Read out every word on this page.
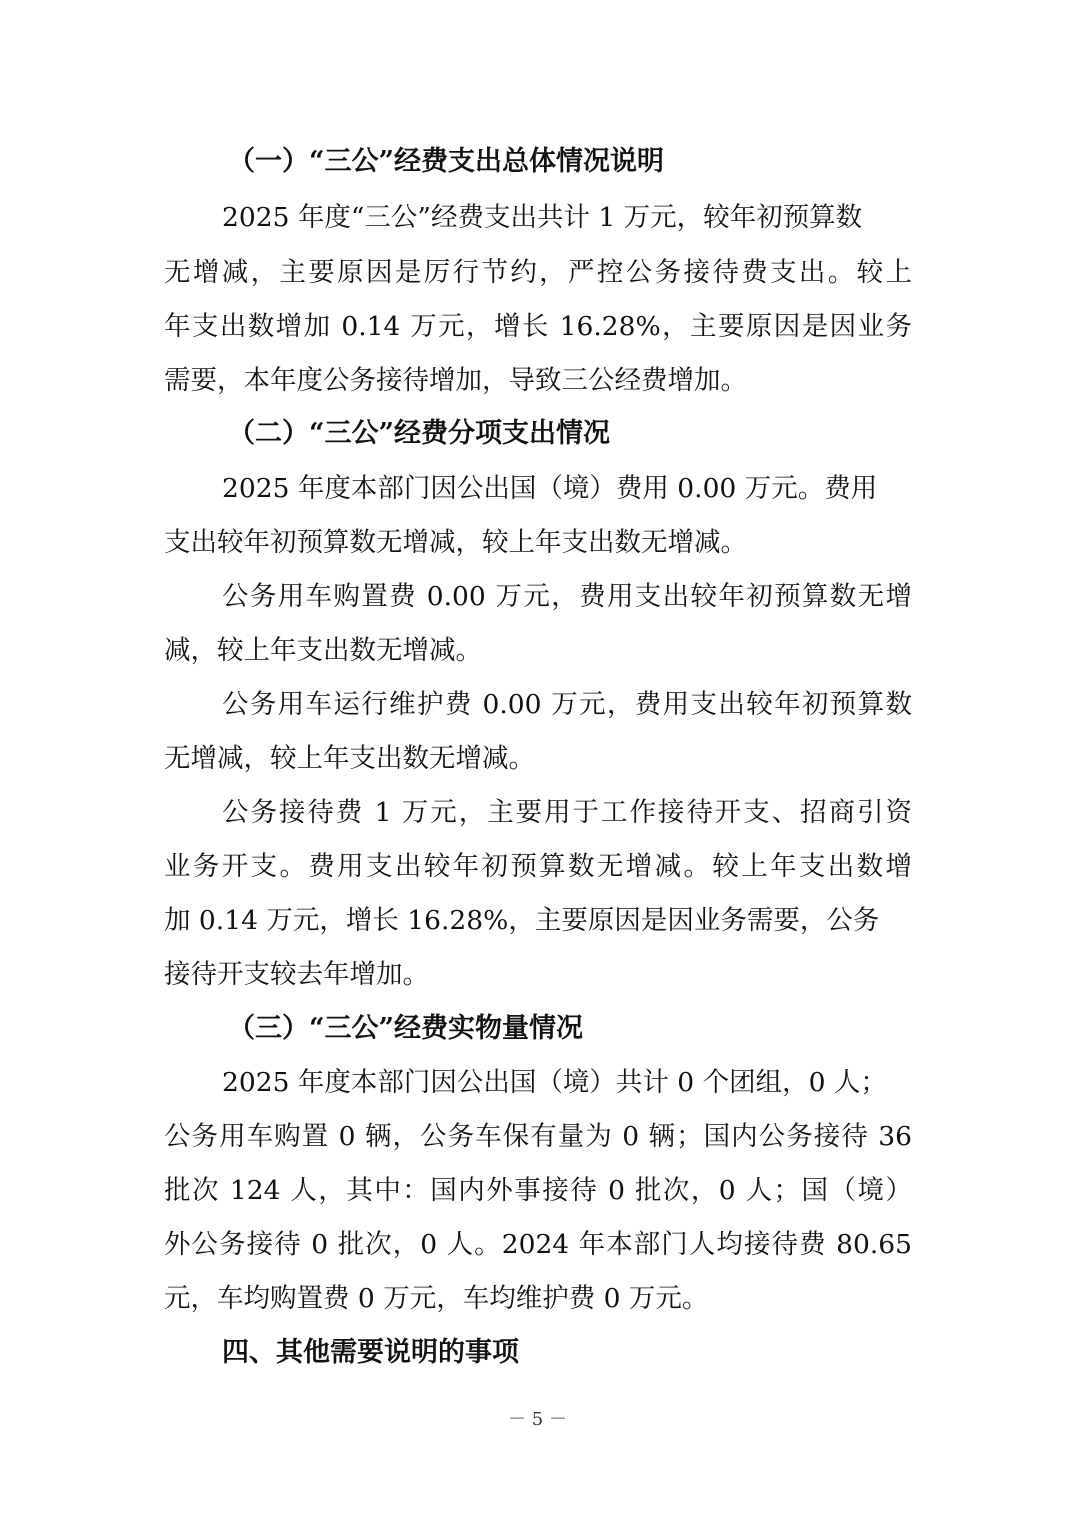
（一）“三公”经费支出总体情况说明
2025 年度“三公”经费支出共计 1 万元，较年初预算数
无增减，主要原因是厉行节约，严控公务接待费支出。较上
年支出数增加 0.14 万元，增长 16.28%，主要原因是因业务
需要，本年度公务接待增加，导致三公经费增加。
（二）“三公”经费分项支出情况
2025 年度本部门因公出国（境）费用 0.00 万元。费用
支出较年初预算数无增减，较上年支出数无增减。
公务用车购置费 0.00 万元，费用支出较年初预算数无增
减，较上年支出数无增减。
公务用车运行维护费 0.00 万元，费用支出较年初预算数
无增减，较上年支出数无增减。
公务接待费 1 万元，主要用于工作接待开支、招商引资
业务开支。费用支出较年初预算数无增减。较上年支出数增
加 0.14 万元，增长 16.28%，主要原因是因业务需要，公务
接待开支较去年增加。
（三）“三公”经费实物量情况
2025 年度本部门因公出国（境）共计 0 个团组，0 人；
公务用车购置 0 辆，公务车保有量为 0 辆；国内公务接待 36
批次 124 人，其中：国内外事接待 0 批次，0 人；国（境）
外公务接待 0 批次，0 人。2024 年本部门人均接待费 80.65
元，车均购置费 0 万元，车均维护费 0 万元。
四、其他需要说明的事项
－ 5 －
